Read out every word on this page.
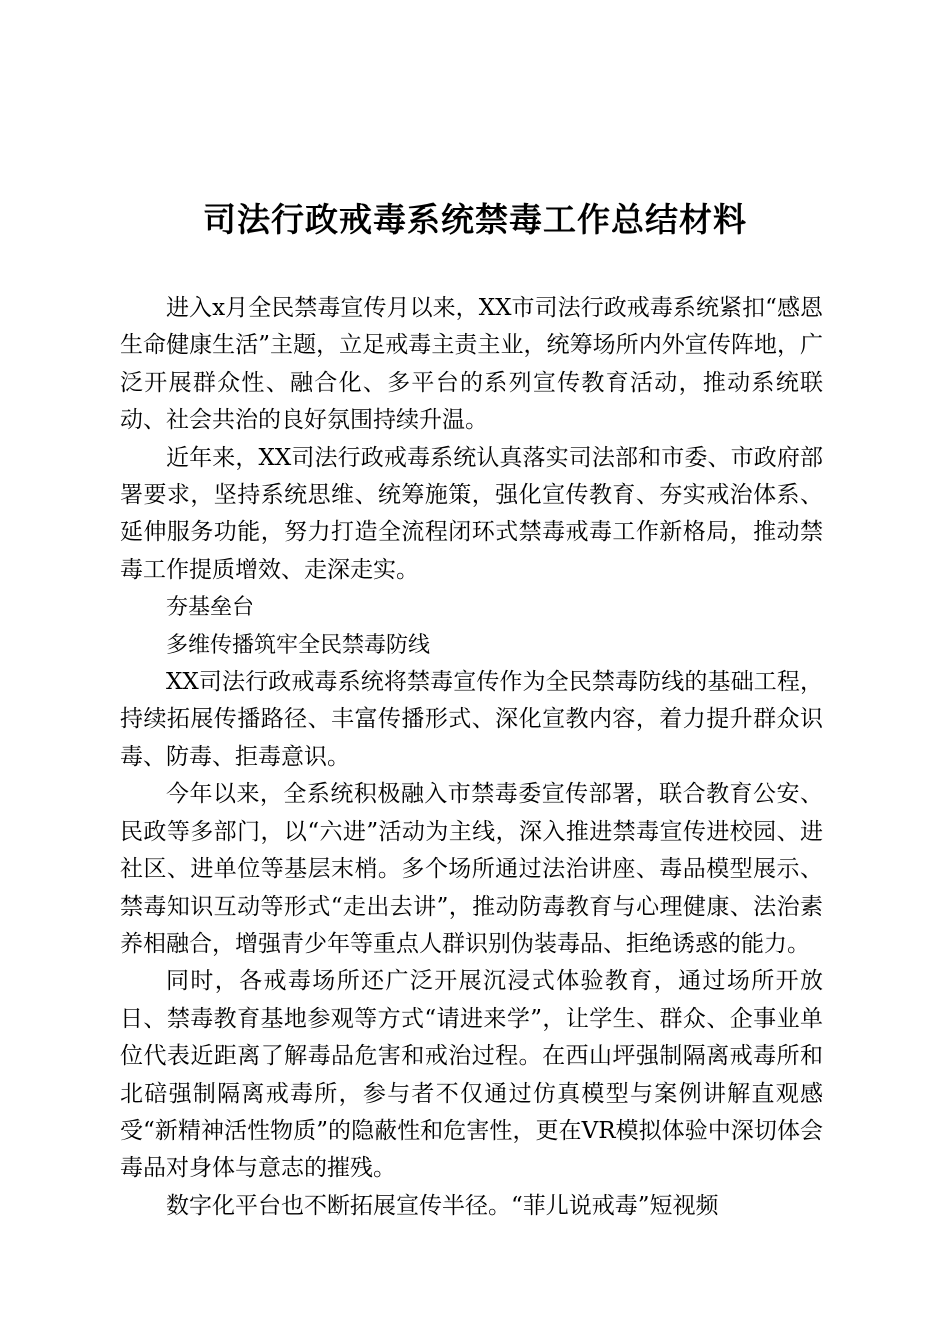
司法行政戒毒系统禁毒工作总结材料

进入x月全民禁毒宣传月以来，XX市司法行政戒毒系统紧扣“感恩生命健康生活”主题，立足戒毒主责主业，统筹场所内外宣传阵地，广泛开展群众性、融合化、多平台的系列宣传教育活动，推动系统联动、社会共治的良好氛围持续升温。

近年来，XX司法行政戒毒系统认真落实司法部和市委、市政府部署要求，坚持系统思维、统筹施策，强化宣传教育、夯实戒治体系、延伸服务功能，努力打造全流程闭环式禁毒戒毒工作新格局，推动禁毒工作提质增效、走深走实。

夯基垒台

多维传播筑牢全民禁毒防线

XX司法行政戒毒系统将禁毒宣传作为全民禁毒防线的基础工程，持续拓展传播路径、丰富传播形式、深化宣教内容，着力提升群众识毒、防毒、拒毒意识。

今年以来，全系统积极融入市禁毒委宣传部署，联合教育公安、民政等多部门，以“六进”活动为主线，深入推进禁毒宣传进校园、进社区、进单位等基层末梢。多个场所通过法治讲座、毒品模型展示、禁毒知识互动等形式“走出去讲”，推动防毒教育与心理健康、法治素养相融合，增强青少年等重点人群识别伪装毒品、拒绝诱惑的能力。

同时，各戒毒场所还广泛开展沉浸式体验教育，通过场所开放日、禁毒教育基地参观等方式“请进来学”，让学生、群众、企事业单位代表近距离了解毒品危害和戒治过程。在西山坪强制隔离戒毒所和北碚强制隔离戒毒所，参与者不仅通过仿真模型与案例讲解直观感受“新精神活性物质”的隐蔽性和危害性，更在VR模拟体验中深切体会毒品对身体与意志的摧残。

数字化平台也不断拓展宣传半径。“菲儿说戒毒”短视频
